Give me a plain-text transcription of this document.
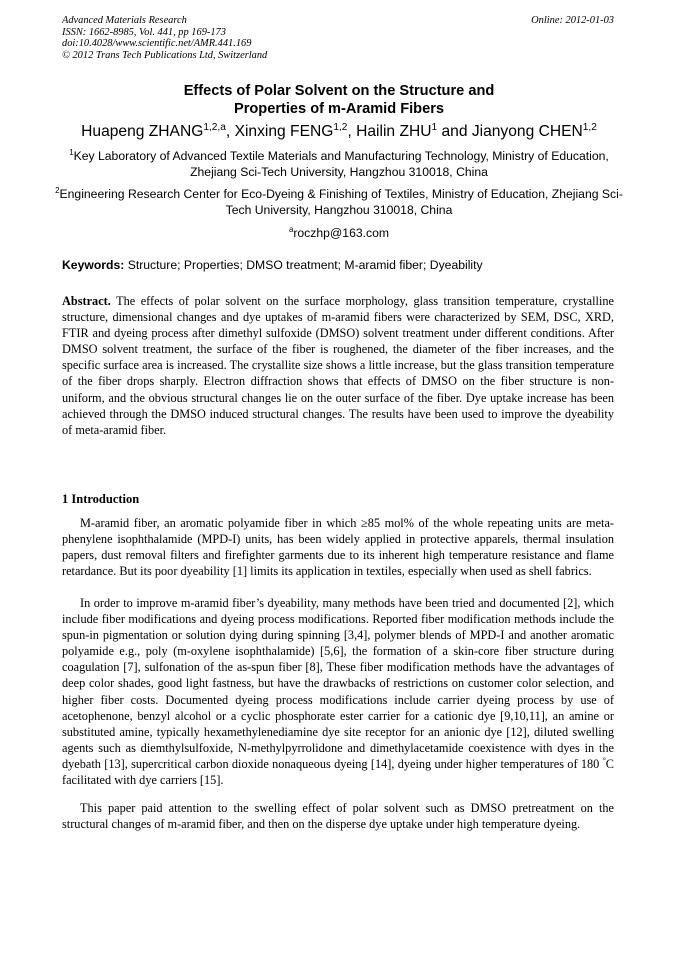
Advanced Materials Research
ISSN: 1662-8985, Vol. 441, pp 169-173
doi:10.4028/www.scientific.net/AMR.441.169
© 2012 Trans Tech Publications Ltd, Switzerland
Online: 2012-01-03
Effects of Polar Solvent on the Structure and
Properties of m-Aramid Fibers
Huapeng ZHANG$^{1,2,a}$, Xinxing FENG$^{1,2}$, Hailin ZHU$^1$ and Jianyong CHEN$^{1,2}$
$^1$Key Laboratory of Advanced Textile Materials and Manufacturing Technology, Ministry of Education, Zhejiang Sci-Tech University, Hangzhou 310018, China
$^2$Engineering Research Center for Eco-Dyeing & Finishing of Textiles, Ministry of Education, Zhejiang Sci-Tech University, Hangzhou 310018, China
$^a$roczhp@163.com
Keywords: Structure; Properties; DMSO treatment; M-aramid fiber; Dyeability

Abstract. The effects of polar solvent on the surface morphology, glass transition temperature, crystalline structure, dimensional changes and dye uptakes of m-aramid fibers were characterized by SEM, DSC, XRD, FTIR and dyeing process after dimethyl sulfoxide (DMSO) solvent treatment under different conditions. After DMSO solvent treatment, the surface of the fiber is roughened, the diameter of the fiber increases, and the specific surface area is increased. The crystallite size shows a little increase, but the glass transition temperature of the fiber drops sharply. Electron diffraction shows that effects of DMSO on the fiber structure is non-uniform, and the obvious structural changes lie on the outer surface of the fiber. Dye uptake increase has been achieved through the DMSO induced structural changes. The results have been used to improve the dyeability of meta-aramid fiber.

1 Introduction

M-aramid fiber, an aromatic polyamide fiber in which ≥85 mol% of the whole repeating units are meta-phenylene isophthalamide (MPD-I) units, has been widely applied in protective apparels, thermal insulation papers, dust removal filters and firefighter garments due to its inherent high temperature resistance and flame retardance. But its poor dyeability [1] limits its application in textiles, especially when used as shell fabrics.

In order to improve m-aramid fiber’s dyeability, many methods have been tried and documented [2], which include fiber modifications and dyeing process modifications. Reported fiber modification methods include the spun-in pigmentation or solution dying during spinning [3,4], polymer blends of MPD-I and another aromatic polyamide e.g., poly (m-oxylene isophthalamide) [5,6], the formation of a skin-core fiber structure during coagulation [7], sulfonation of the as-spun fiber [8], These fiber modification methods have the advantages of deep color shades, good light fastness, but have the drawbacks of restrictions on customer color selection, and higher fiber costs. Documented dyeing process modifications include carrier dyeing process by use of acetophenone, benzyl alcohol or a cyclic phosphorate ester carrier for a cationic dye [9,10,11], an amine or substituted amine, typically hexamethylenediamine dye site receptor for an anionic dye [12], diluted swelling agents such as diemthylsulfoxide, N-methylpyrrolidone and dimethylacetamide coexistence with dyes in the dyebath [13], supercritical carbon dioxide nonaqueous dyeing [14], dyeing under higher temperatures of 180 °C facilitated with dye carriers [15].

This paper paid attention to the swelling effect of polar solvent such as DMSO pretreatment on the structural changes of m-aramid fiber, and then on the disperse dye uptake under high temperature dyeing.
